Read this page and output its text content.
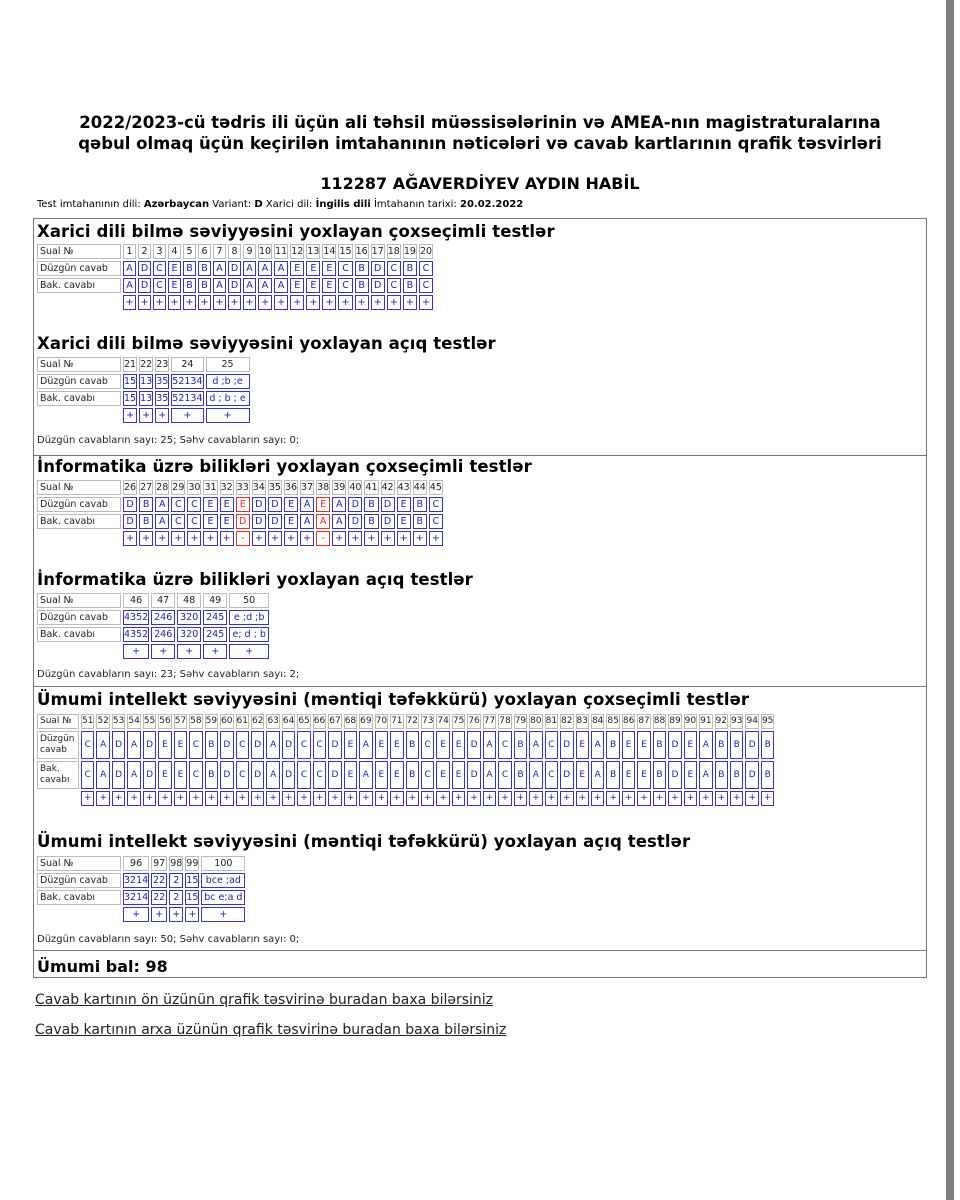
2022/2023-cü tədris ili üçün ali təhsil müəssisələrinin və AMEA-nın magistraturalarına
qəbul olmaq üçün keçirilən imtahanının nəticələri və cavab kartlarının qrafik təsvirləri
112287 AĞAVERDİYEV AYDIN HABİL
Test imtahanının dili: Azərbaycan Variant: D Xarici dil: İngilis dili İmtahanın tarixi: 20.02.2022
Xarici dili bilmə səviyyəsini yoxlayan çoxseçimli testlər
Xarici dili bilmə səviyyəsini yoxlayan açıq testlər
İnformatika üzrə bilikləri yoxlayan çoxseçimli testlər
İnformatika üzrə bilikləri yoxlayan açıq testlər
Ümumi intellekt səviyyəsini (məntiqi təfəkkürü) yoxlayan çoxseçimli testlər
Ümumi intellekt səviyyəsini (məntiqi təfəkkürü) yoxlayan açıq testlər
Sual №	1	2	3	4	5	6	7	8	9	10	11	12	13	14	15	16	17	18	19	20
Düzgün cavab	A	D	C	E	B	B	A	D	A	A	A	E	E	E	C	B	D	C	B	C
Bak. cavabı	A	D	C	E	B	B	A	D	A	A	A	E	E	E	C	B	D	C	B	C
	+	+	+	+	+	+	+	+	+	+	+	+	+	+	+	+	+	+	+	+
Sual №	21	22	23	24	25
Düzgün cavab	15	13	35	52134	d ;b ;e
Bak. cavabı	15	13	35	52134	d ; b ; e
	+	+	+	+	+
Sual №	26	27	28	29	30	31	32	33	34	35	36	37	38	39	40	41	42	43	44	45
Düzgün cavab	D	B	A	C	C	E	E	E	D	D	E	A	E	A	D	B	D	E	B	C
Bak. cavabı	D	B	A	C	C	E	E	D	D	D	E	A	A	A	D	B	D	E	B	C
	+	+	+	+	+	+	+	-	+	+	+	+	-	+	+	+	+	+	+	+
Sual №	46	47	48	49	50
Düzgün cavab	4352	246	320	245	e ;d ;b
Bak. cavabı	4352	246	320	245	e; d ; b
	+	+	+	+	+
Sual №	51	52	53	54	55	56	57	58	59	60	61	62	63	64	65	66	67	68	69	70	71	72	73	74	75	76	77	78	79	80	81	82	83	84	85	86	87	88	89	90	91	92	93	94	95

Düzgün
cavab	C	A	D	A	D	E	E	C	B	D	C	D	A	D	C	C	D	E	A	E	E	B	C	E	E	D	A	C	B	A	C	D	E	A	B	E	E	B	D	E	A	B	B	D	B

Bak.
cavabı	C	A	D	A	D	E	E	C	B	D	C	D	A	D	C	C	D	E	A	E	E	B	C	E	E	D	A	C	B	A	C	D	E	A	B	E	E	B	D	E	A	B	B	D	B
	+	+	+	+	+	+	+	+	+	+	+	+	+	+	+	+	+	+	+	+	+	+	+	+	+	+	+	+	+	+	+	+	+	+	+	+	+	+	+	+	+	+	+	+	+
Sual №	96	97	98	99	100
Düzgün cavab	3214	22	2	15	bce ;ad
Bak. cavabı	3214	22	2	15	bc e;a d
	+	+	+	+	+
Düzgün cavabların sayı: 25; Səhv cavabların sayı: 0;
Düzgün cavabların sayı: 23; Səhv cavabların sayı: 2;
Düzgün cavabların sayı: 50; Səhv cavabların sayı: 0;
Ümumi bal: 98
Cavab kartının ön üzünün qrafik təsvirinə buradan baxa bilərsiniz
Cavab kartının arxa üzünün qrafik təsvirinə buradan baxa bilərsiniz
